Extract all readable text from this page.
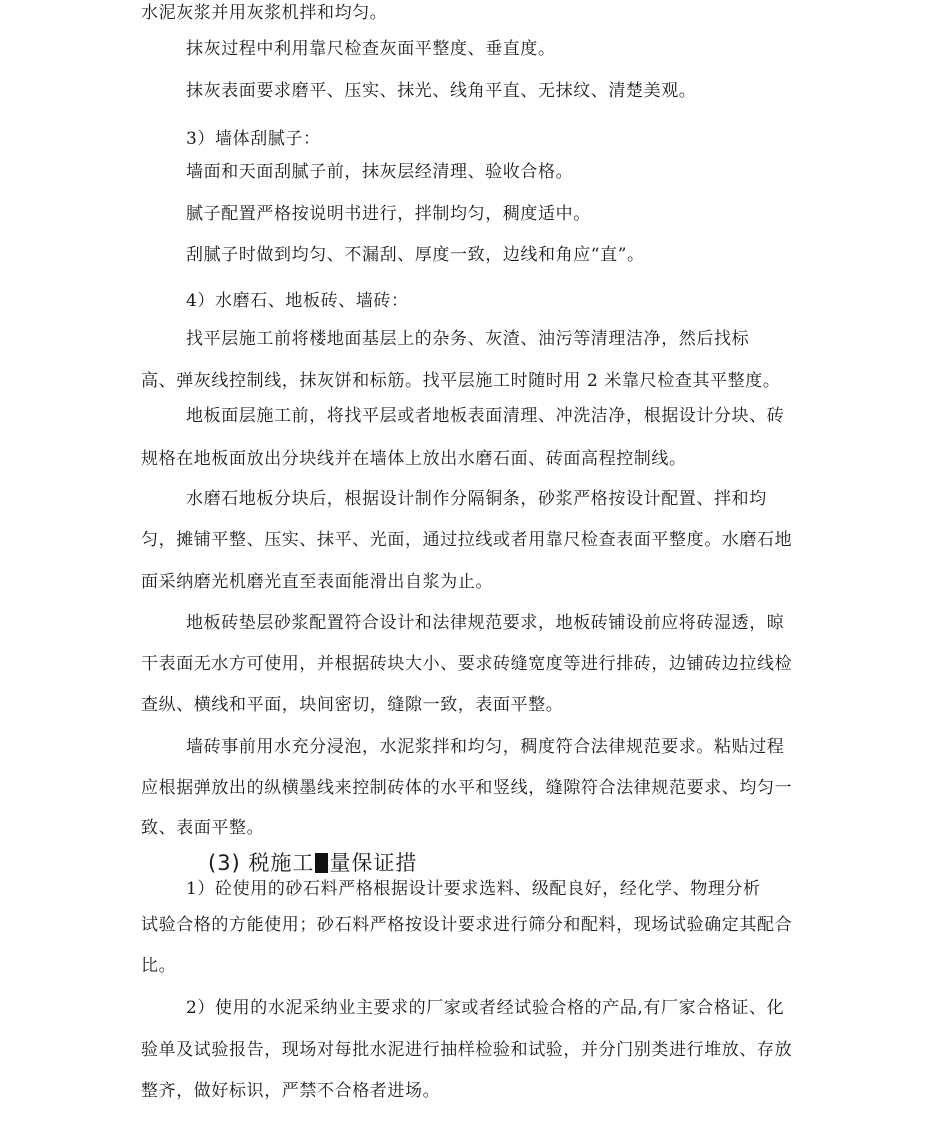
水泥灰浆并用灰浆机拌和均匀。
抹灰过程中利用靠尺检查灰面平整度、垂直度。
抹灰表面要求磨平、压实、抹光、线角平直、无抹纹、清楚美观。
3）墙体刮腻子：
墙面和天面刮腻子前，抹灰层经清理、验收合格。
腻子配置严格按说明书进行，拌制均匀，稠度适中。
刮腻子时做到均匀、不漏刮、厚度一致，边线和角应“直”。
4）水磨石、地板砖、墙砖：
找平层施工前将楼地面基层上的杂务、灰渣、油污等清理洁净，然后找标
高、弹灰线控制线，抹灰饼和标筋。找平层施工时随时用 2 米靠尺检查其平整度。
地板面层施工前，将找平层或者地板表面清理、冲洗洁净，根据设计分块、砖
规格在地板面放出分块线并在墙体上放出水磨石面、砖面高程控制线。
水磨石地板分块后，根据设计制作分隔铜条，砂浆严格按设计配置、拌和均
匀，摊铺平整、压实、抹平、光面，通过拉线或者用靠尺检查表面平整度。水磨石地
面采纳磨光机磨光直至表面能滑出自浆为止。
地板砖垫层砂浆配置符合设计和法律规范要求，地板砖铺设前应将砖湿透，晾
干表面无水方可使用，并根据砖块大小、要求砖缝宽度等进行排砖，边铺砖边拉线检
查纵、横线和平面，块间密切，缝隙一致，表面平整。
墙砖事前用水充分浸泡，水泥浆拌和均匀，稠度符合法律规范要求。粘贴过程
应根据弹放出的纵横墨线来控制砖体的水平和竖线，缝隙符合法律规范要求、均匀一
致、表面平整。
(3) 税施工 量保证措
1）砼使用的砂石料严格根据设计要求选料、级配良好，经化学、物理分析
试验合格的方能使用；砂石料严格按设计要求进行筛分和配料，现场试验确定其配合
比。
2）使用的水泥采纳业主要求的厂家或者经试验合格的产品,有厂家合格证、化
验单及试验报告，现场对每批水泥进行抽样检验和试验，并分门别类进行堆放、存放
整齐，做好标识，严禁不合格者进场。
